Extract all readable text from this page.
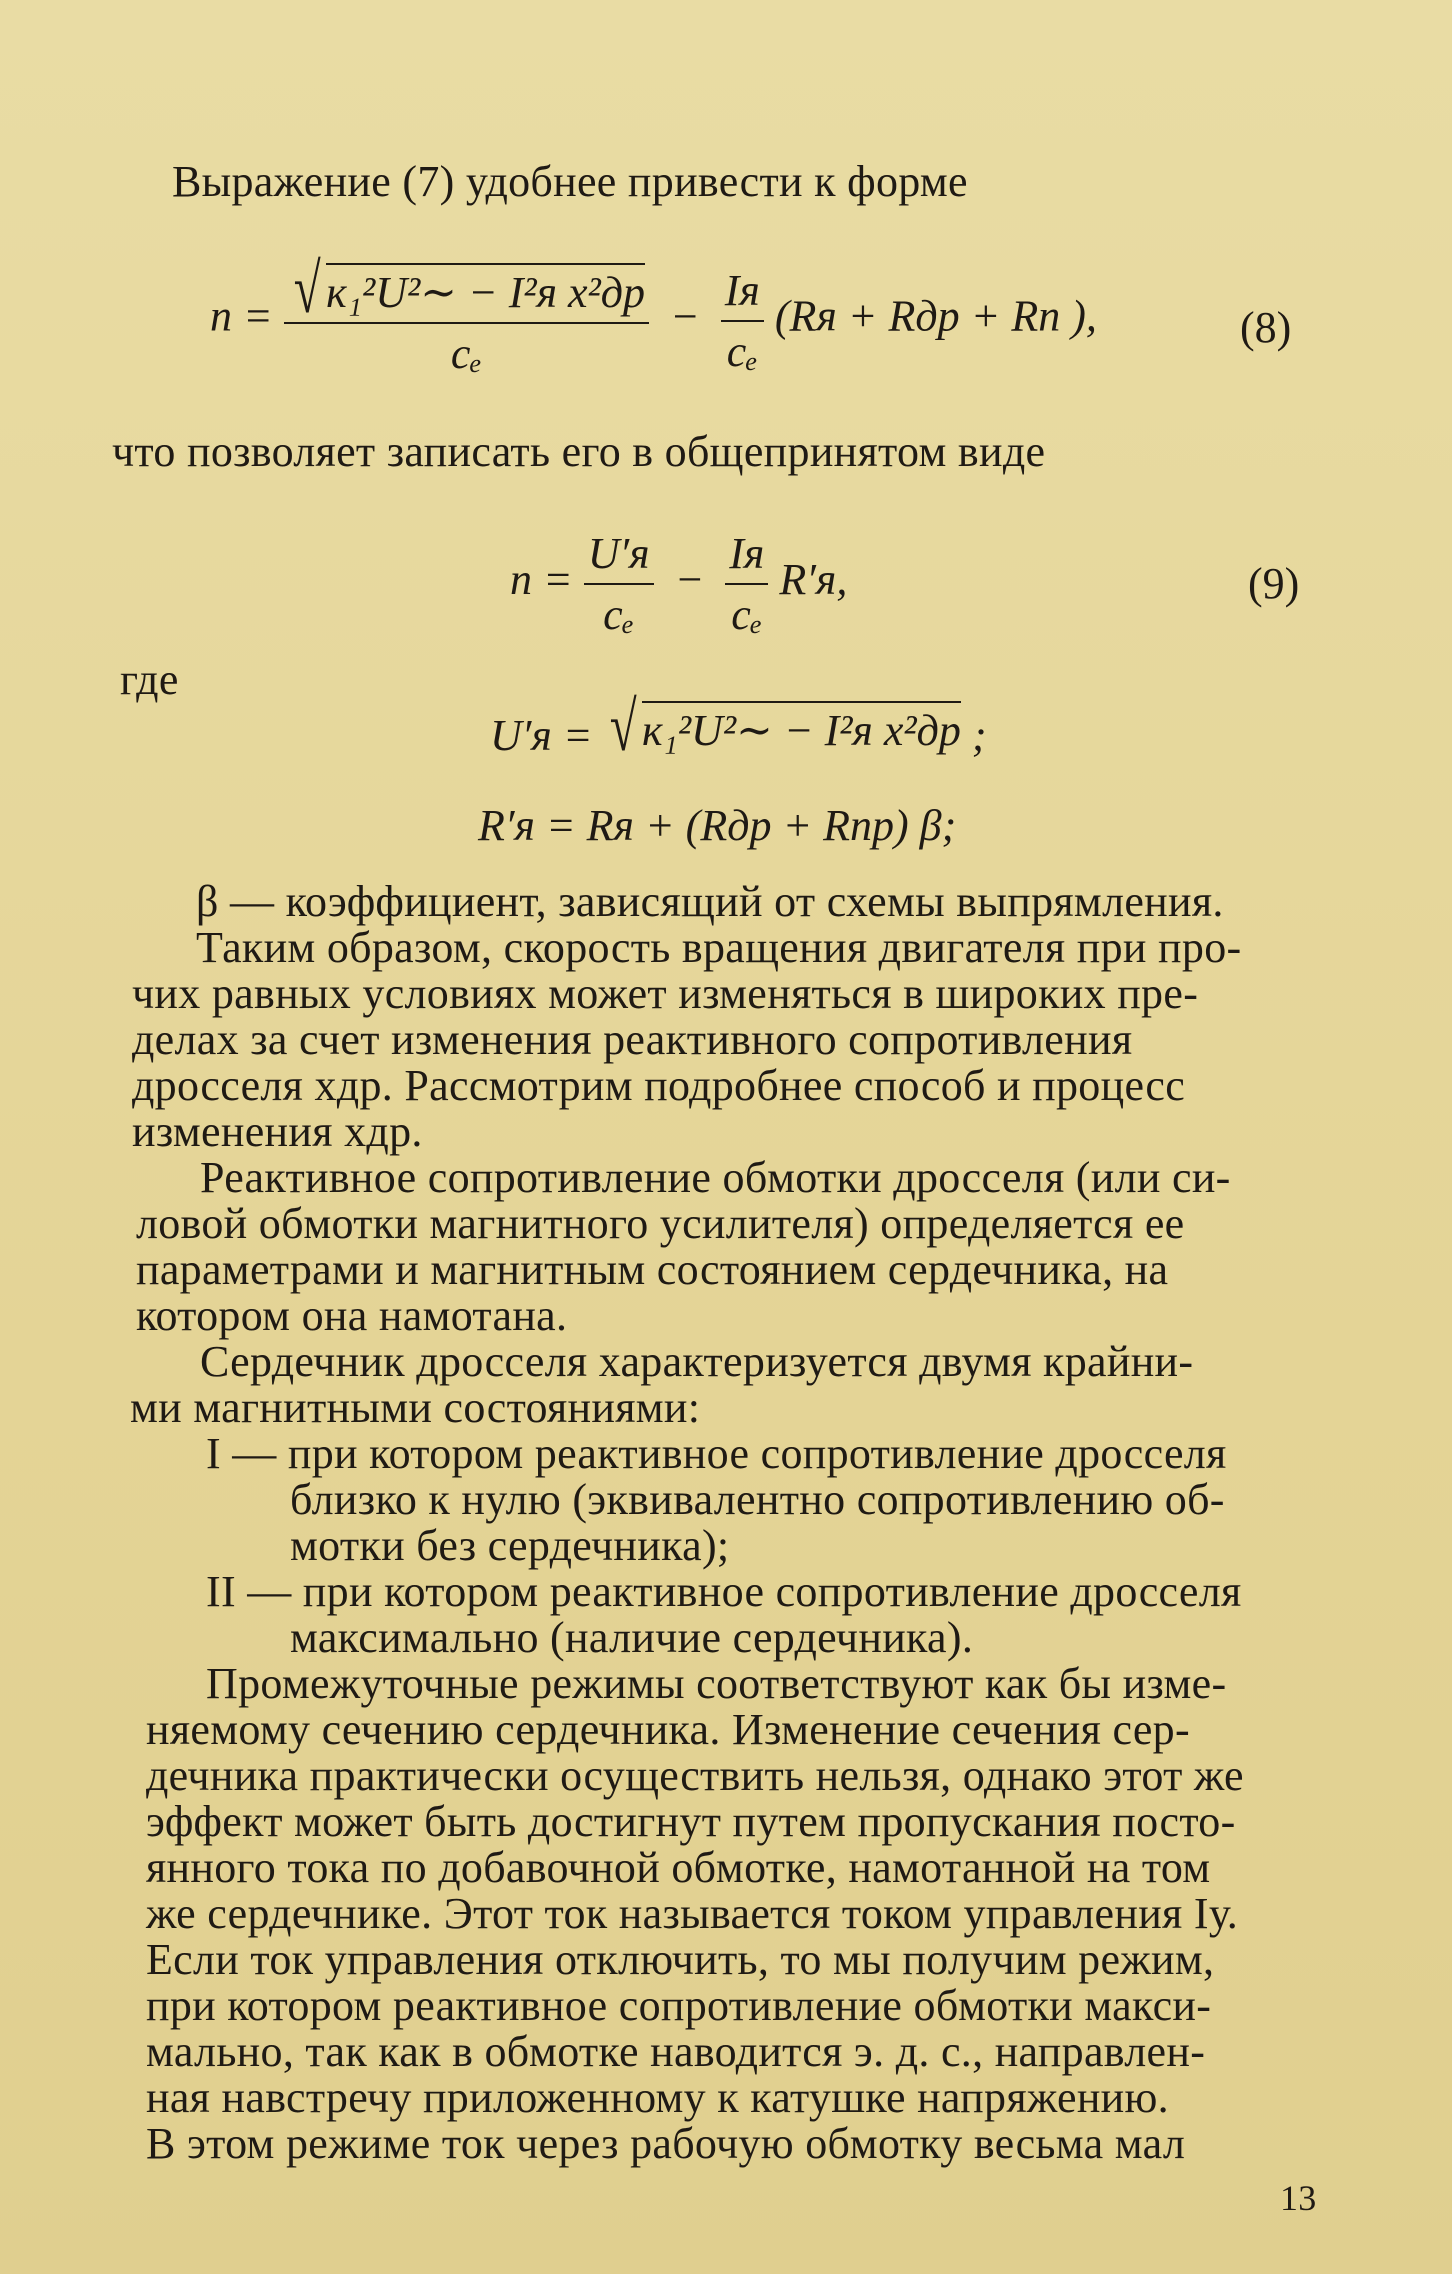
Выражение (7) удобнее привести к форме
$n = \frac{\text{√ к₁²U²∼ − I²я x²др}}{\text{cₑ}} - \frac{Iя}{\text{cₑ}} (Rя$ + Rдр + Rп ),	(8)
что позволяет записать его в общепринятом виде
$n = \frac{U'я}{\text{cₑ}} - \frac{Iя}{\text{cₑ}} R'я$,	(9)
где
U′я = √ к₁²U²∼ − I²я x²др ;
R′я = Rя + (Rдр + Rпр) β;
β — коэффициент, зависящий от схемы выпрямления.
Таким образом, скорость вращения двигателя при про-
чих равных условиях может изменяться в широких пре-
делах за счет изменения реактивного сопротивления
дросселя xдр. Рассмотрим подробнее способ и процесс
изменения xдр.
Реактивное сопротивление обмотки дросселя (или си-
ловой обмотки магнитного усилителя) определяется ее
параметрами и магнитным состоянием сердечника, на
котором она намотана.
Сердечник дросселя характеризуется двумя крайни-
ми магнитными состояниями:
I — при котором реактивное сопротивление дросселя
близко к нулю (эквивалентно сопротивлению об-
мотки без сердечника);
II — при котором реактивное сопротивление дросселя
максимально (наличие сердечника).
Промежуточные режимы соответствуют как бы изме-
няемому сечению сердечника. Изменение сечения сер-
дечника практически осуществить нельзя, однако этот же
эффект может быть достигнут путем пропускания посто-
янного тока по добавочной обмотке, намотанной на том
же сердечнике. Этот ток называется током управления Iу.
Если ток управления отключить, то мы получим режим,
при котором реактивное сопротивление обмотки макси-
мально, так как в обмотке наводится э. д. с., направлен-
ная навстречу приложенному к катушке напряжению.
В этом режиме ток через рабочую обмотку весьма мал
13
